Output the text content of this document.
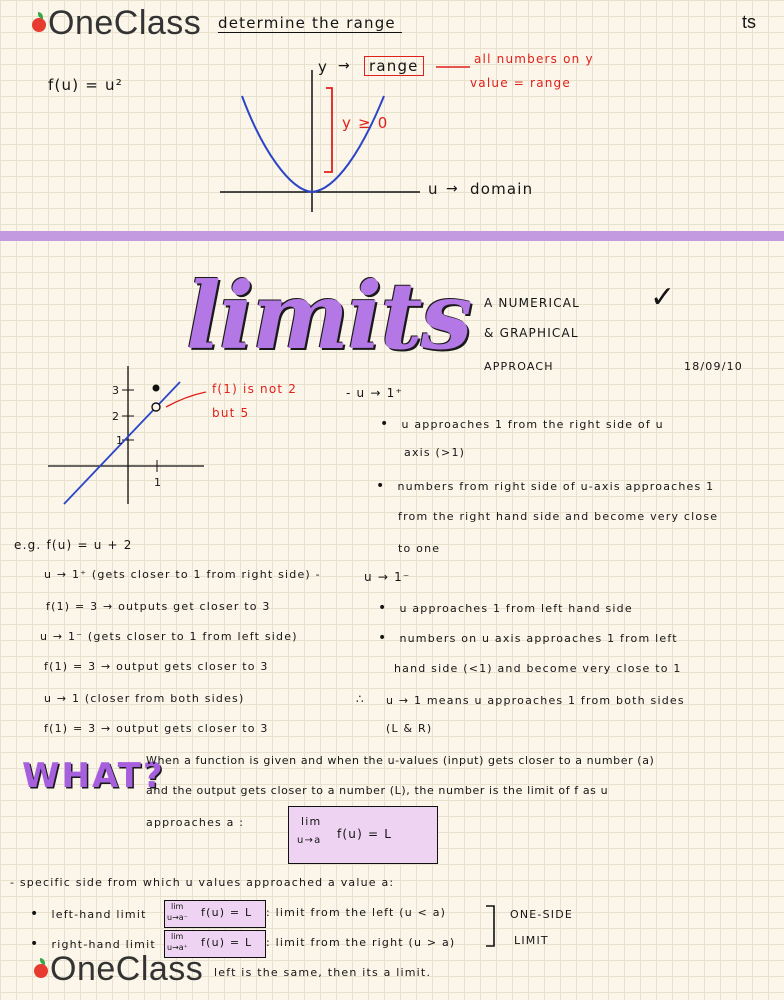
OneClass determine the range	ts
f(u) = u²
y →	range	all numbers on y
value = range
y ≥ 0
u → domain
limits A NUMERICAL
& GRAPHICAL
APPROACH	18/09/10
✓
3
2
1
1
f(1) is not 2
but 5
- u → 1⁺
• u approaches 1 from the right side of u
axis (>1)
• numbers from right side of u-axis approaches 1
from the right hand side and become very close
to one
u → 1⁻
• u approaches 1 from left hand side
• numbers on u axis approaches 1 from left
hand side (<1) and become very close to 1
∴ u → 1 means u approaches 1 from both sides
(L & R)
e.g. f(u) = u + 2
u → 1⁺ (gets closer to 1 from right side) -
f(1) = 3 → outputs get closer to 3
u → 1⁻ (gets closer to 1 from left side)
f(1) = 3 → output gets closer to 3
u → 1 (closer from both sides)
f(1) = 3 → output gets closer to 3
WHAT?
When a function is given and when the u-values (input) gets closer to a number (a)
and the output gets closer to a number (L), the number is the limit of f as u
approaches a :	lim
u→a f(u) = L
- specific side from which u values approached a value a:
• left-hand limit
lim
u→a⁻ f(u) = L : limit from the left (u < a)
• right-hand limit
lim
u→a⁺ f(u) = L : limit from the right (u > a)
ONE-SIDE
LIMIT
OneClass left is the same, then its a limit.
